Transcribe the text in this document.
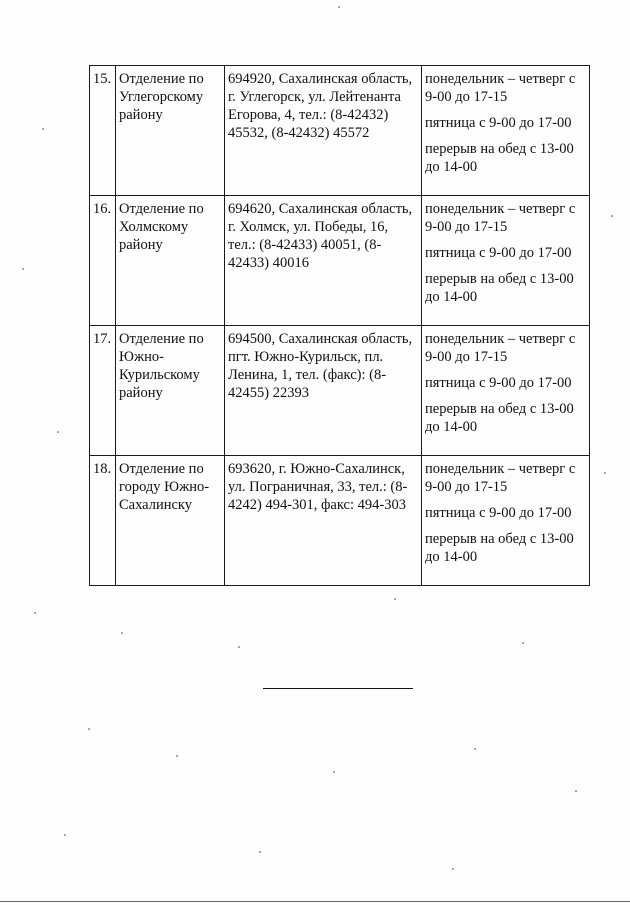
15.	Отделение по Углегорскому району	694920, Сахалинская область, г. Углегорск, ул. Лейтенанта Егорова, 4, тел.: (8-42432) 45532, (8-42432) 45572	понедельник – четверг с 9-00 до 17-15

пятница с 9-00 до 17-00

перерыв на обед с 13-00 до 14-00

16.	Отделение по Холмскому району	694620, Сахалинская область, г. Холмск, ул. Победы, 16, тел.: (8-42433) 40051, (8-42433) 40016	понедельник – четверг с 9-00 до 17-15

пятница с 9-00 до 17-00

перерыв на обед с 13-00 до 14-00

17.	Отделение по Южно-Курильскому району	694500, Сахалинская область, пгт. Южно-Курильск, пл. Ленина, 1, тел. (факс): (8-42455) 22393	понедельник – четверг с 9-00 до 17-15

пятница с 9-00 до 17-00

перерыв на обед с 13-00 до 14-00

18.	Отделение по городу Южно-Сахалинску	693620, г. Южно-Сахалинск, ул. Пограничная, 33, тел.: (8-4242) 494-301, факс: 494-303	понедельник – четверг с 9-00 до 17-15

пятница с 9-00 до 17-00

перерыв на обед с 13-00 до 14-00
